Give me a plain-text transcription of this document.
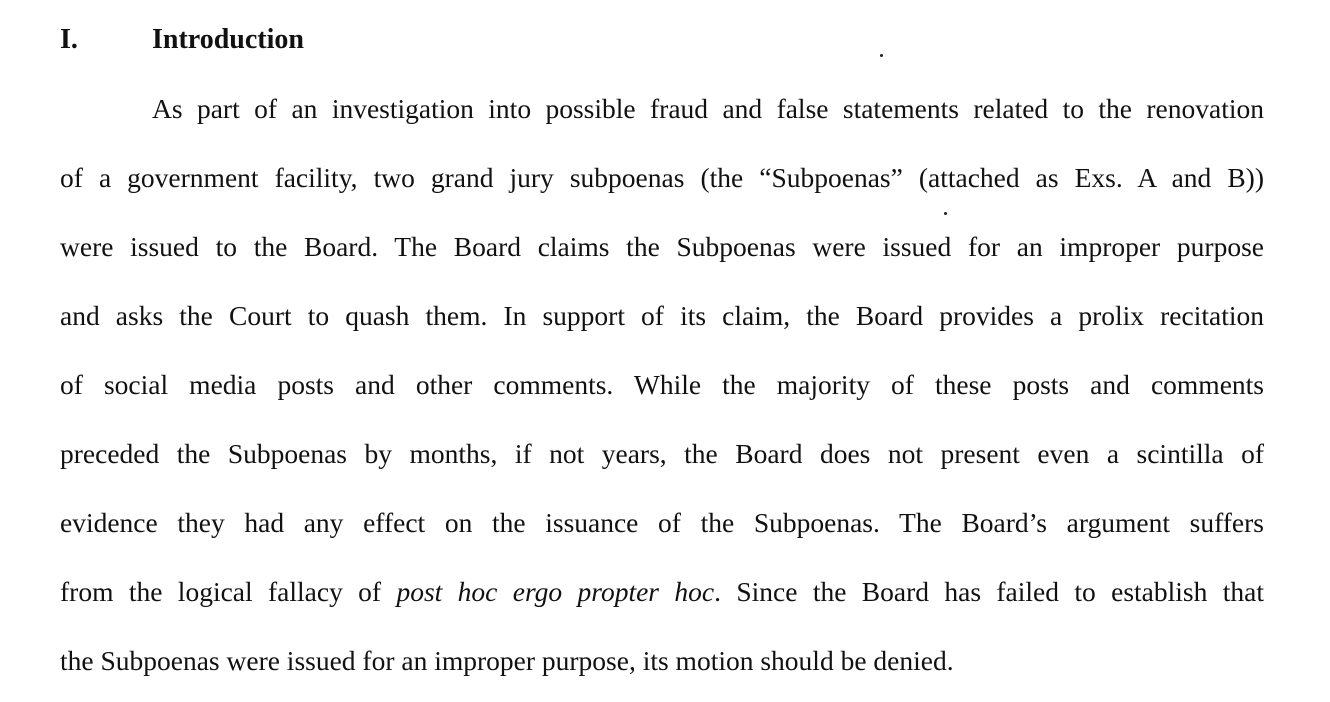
I.	Introduction
As part of an investigation into possible fraud and false statements related to the renovation
of a government facility, two grand jury subpoenas (the “Subpoenas” (attached as Exs. A and B))
were issued to the Board. The Board claims the Subpoenas were issued for an improper purpose
and asks the Court to quash them. In support of its claim, the Board provides a prolix recitation
of social media posts and other comments. While the majority of these posts and comments
preceded the Subpoenas by months, if not years, the Board does not present even a scintilla of
evidence they had any effect on the issuance of the Subpoenas. The Board’s argument suffers
from the logical fallacy of post hoc ergo propter hoc. Since the Board has failed to establish that
the Subpoenas were issued for an improper purpose, its motion should be denied.
